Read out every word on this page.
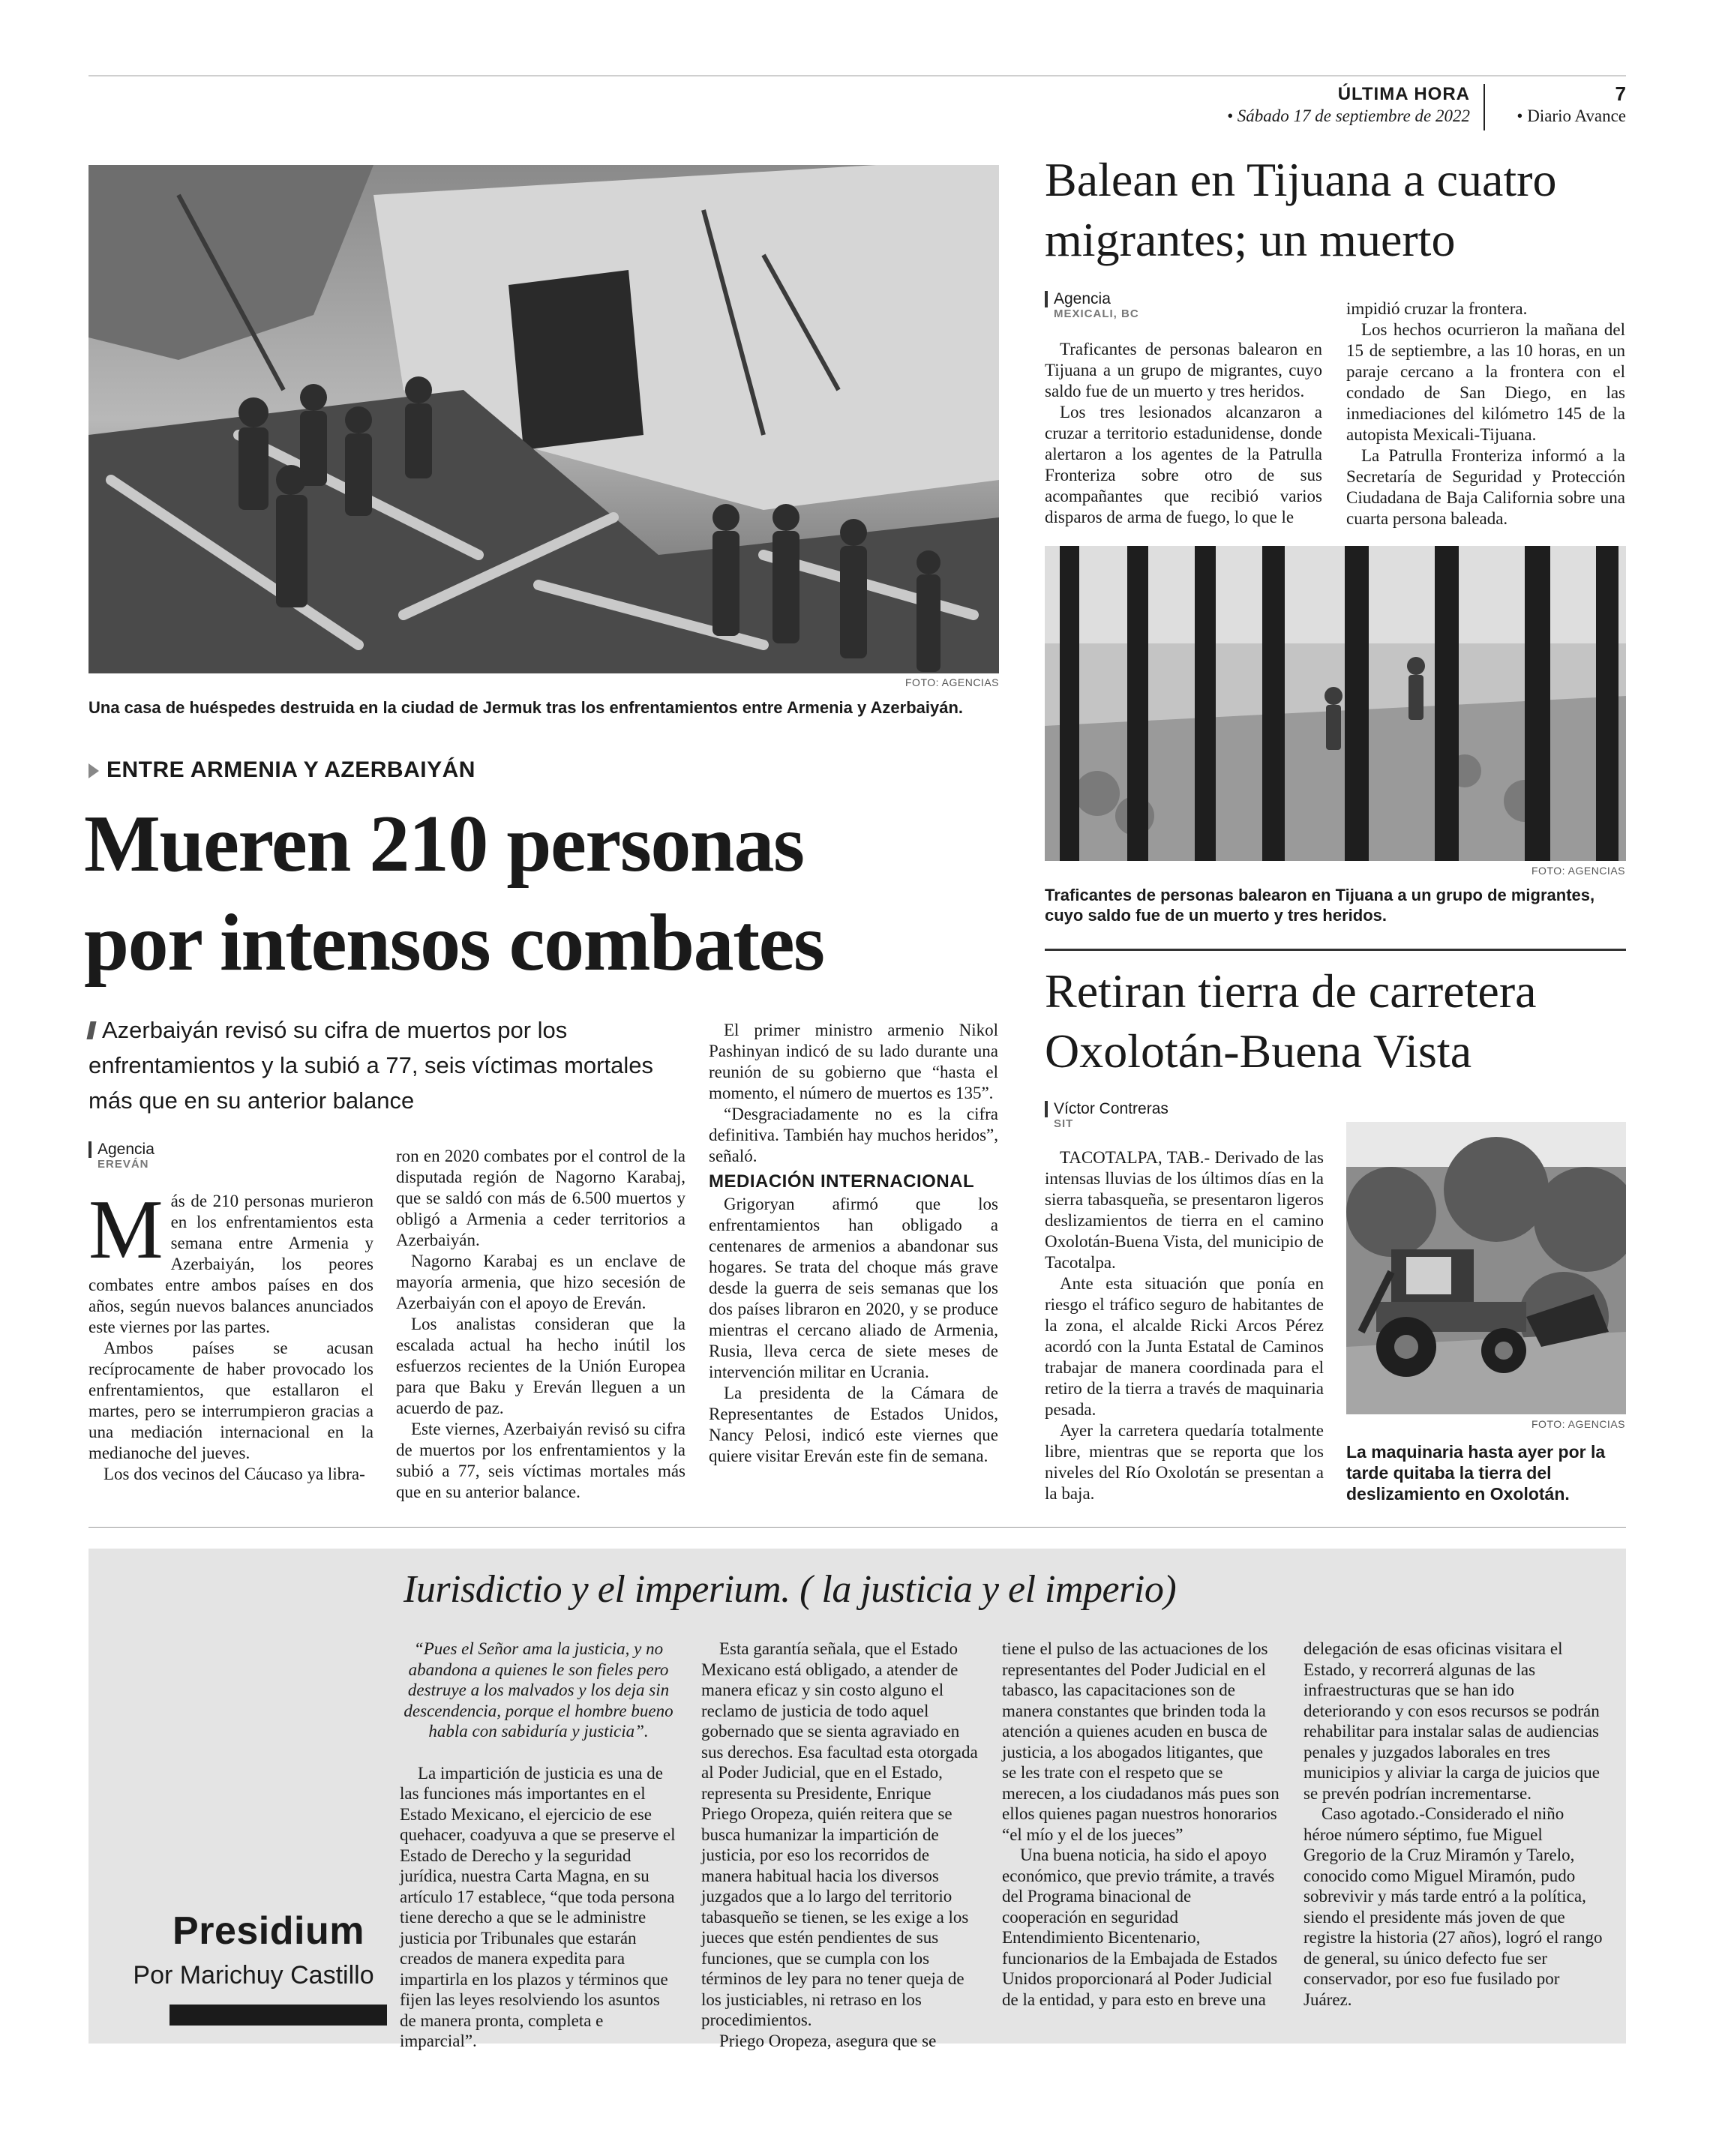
ÚLTIMA HORA
• Sábado 17 de septiembre de 2022
7
• Diario Avance
FOTO: AGENCIAS
Una casa de huéspedes destruida en la ciudad de Jermuk tras los enfrentamientos entre Armenia y Azerbaiyán.
ENTRE ARMENIA Y AZERBAIYÁN
Mueren 210 personas
por intensos combates
Azerbaiyán revisó su cifra de muertos por los enfrentamientos y la subió a 77, seis víctimas mortales más que en su anterior balance
Agencia
EREVÁN

Más de 210 personas murieron en los enfrentamientos esta semana entre Armenia y Azerbaiyán, los peores combates entre ambos países en dos años, según nuevos balances anunciados este viernes por las partes.

Ambos países se acusan recíprocamente de haber provocado los enfrentamientos, que estallaron el martes, pero se interrumpieron gracias a una mediación internacional en la medianoche del jueves.

Los dos vecinos del Cáucaso ya libra-

ron en 2020 combates por el control de la disputada región de Nagorno Karabaj, que se saldó con más de 6.500 muertos y obligó a Armenia a ceder territorios a Azerbaiyán.

Nagorno Karabaj es un enclave de mayoría armenia, que hizo secesión de Azerbaiyán con el apoyo de Ereván.

Los analistas consideran que la escalada actual ha hecho inútil los esfuerzos recientes de la Unión Europea para que Baku y Ereván lleguen a un acuerdo de paz.

Este viernes, Azerbaiyán revisó su cifra de muertos por los enfrentamientos y la subió a 77, seis víctimas mortales más que en su anterior balance.

El primer ministro armenio Nikol Pashinyan indicó de su lado durante una reunión de su gobierno que “hasta el momento, el número de muertos es 135”.

“Desgraciadamente no es la cifra definitiva. También hay muchos heridos”, señaló.

MEDIACIÓN INTERNACIONAL

Grigoryan afirmó que los enfrentamientos han obligado a centenares de armenios a abandonar sus hogares. Se trata del choque más grave desde la guerra de seis semanas que los dos países libraron en 2020, y se produce mientras el cercano aliado de Armenia, Rusia, lleva cerca de siete meses de intervención militar en Ucrania.

La presidenta de la Cámara de Representantes de Estados Unidos, Nancy Pelosi, indicó este viernes que quiere visitar Ereván este fin de semana.

Balean en Tijuana a cuatro
migrantes; un muerto
Agencia
MEXICALI, BC

Traficantes de personas balearon en Tijuana a un grupo de migrantes, cuyo saldo fue de un muerto y tres heridos.

Los tres lesionados alcanzaron a cruzar a territorio estadunidense, donde alertaron a los agentes de la Patrulla Fronteriza sobre otro de sus acompañantes que recibió varios disparos de arma de fuego, lo que le

impidió cruzar la frontera.

Los hechos ocurrieron la mañana del 15 de septiembre, a las 10 horas, en un paraje cercano a la frontera con el condado de San Diego, en las inmediaciones del kilómetro 145 de la autopista Mexicali-Tijuana.

La Patrulla Fronteriza informó a la Secretaría de Seguridad y Protección Ciudadana de Baja California sobre una cuarta persona baleada.

FOTO: AGENCIAS
Traficantes de personas balearon en Tijuana a un grupo de migrantes, cuyo saldo fue de un muerto y tres heridos.
Retiran tierra de carretera
Oxolotán-Buena Vista
Víctor Contreras
SIT

TACOTALPA, TAB.- Derivado de las intensas lluvias de los últimos días en la sierra tabasqueña, se presentaron ligeros deslizamientos de tierra en el camino Oxolotán-Buena Vista, del municipio de Tacotalpa.

Ante esta situación que ponía en riesgo el tráfico seguro de habitantes de la zona, el alcalde Ricki Arcos Pérez acordó con la Junta Estatal de Caminos trabajar de manera coordinada para el retiro de la tierra a través de maquinaria pesada.

Ayer la carretera quedaría totalmente libre, mientras que se reporta que los niveles del Río Oxolotán se presentan a la baja.

FOTO: AGENCIAS
La maquinaria hasta ayer por la tarde quitaba la tierra del deslizamiento en Oxolotán.
Iurisdictio y el imperium. ( la justicia y el imperio)

“Pues el Señor ama la justicia, y no abandona a quienes le son fieles pero destruye a los malvados y los deja sin descendencia, porque el hombre bueno habla con sabiduría y justicia”.

La impartición de justicia es una de las funciones más importantes en el Estado Mexicano, el ejercicio de ese quehacer, coadyuva a que se preserve el Estado de Derecho y la seguridad jurídica, nuestra Carta Magna, en su artículo 17 establece, “que toda persona tiene derecho a que se le administre justicia por Tribunales que estarán creados de manera expedita para impartirla en los plazos y términos que fijen las leyes resolviendo los asuntos de manera pronta, completa e imparcial”.

Esta garantía señala, que el Estado Mexicano está obligado, a atender de manera eficaz y sin costo alguno el reclamo de justicia de todo aquel gobernado que se sienta agraviado en sus derechos. Esa facultad esta otorgada al Poder Judicial, que en el Estado, representa su Presidente, Enrique Priego Oropeza, quién reitera que se busca humanizar la impartición de justicia, por eso los recorridos de manera habitual hacia los diversos juzgados que a lo largo del territorio tabasqueño se tienen, se les exige a los jueces que estén pendientes de sus funciones, que se cumpla con los términos de ley para no tener queja de los justiciables, ni retraso en los procedimientos.

Priego Oropeza, asegura que se

tiene el pulso de las actuaciones de los representantes del Poder Judicial en el tabasco, las capacitaciones son de manera constantes que brinden toda la atención a quienes acuden en busca de justicia, a los abogados litigantes, que se les trate con el respeto que se merecen, a los ciudadanos más pues son ellos quienes pagan nuestros honorarios “el mío y el de los jueces”

Una buena noticia, ha sido el apoyo económico, que previo trámite, a través del Programa binacional de cooperación en seguridad Entendimiento Bicentenario, funcionarios de la Embajada de Estados Unidos proporcionará al Poder Judicial de la entidad, y para esto en breve una

delegación de esas oficinas visitara el Estado, y recorrerá algunas de las infraestructuras que se han ido deteriorando y con esos recursos se podrán rehabilitar para instalar salas de audiencias penales y juzgados laborales en tres municipios y aliviar la carga de juicios que se prevén podrían incrementarse.

Caso agotado.-Considerado el niño héroe número séptimo, fue Miguel Gregorio de la Cruz Miramón y Tarelo, conocido como Miguel Miramón, pudo sobrevivir y más tarde entró a la política, siendo el presidente más joven de que registre la historia (27 años), logró el rango de general, su único defecto fue ser conservador, por eso fue fusilado por Juárez.

Presidium
Por Marichuy Castillo
